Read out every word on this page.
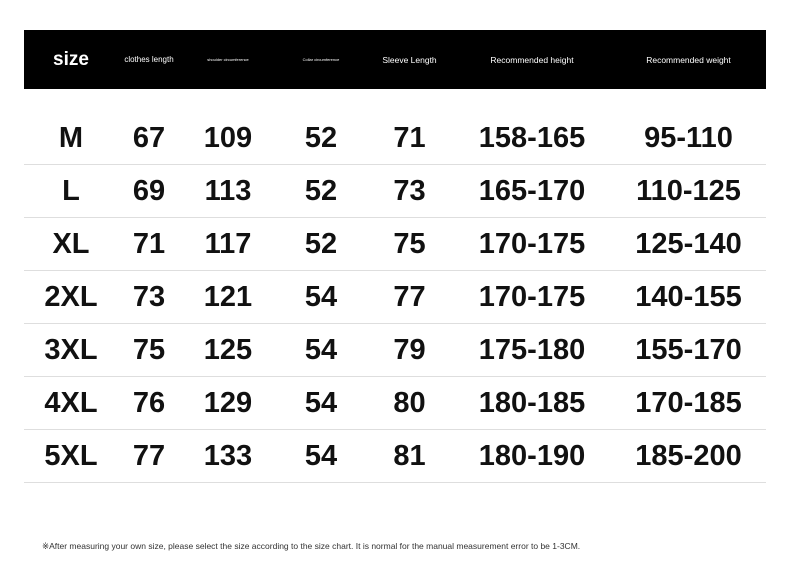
size	clothes length	shoulder circumference	Collar circumference	Sleeve Length	Recommended height	Recommended weight
M	67	109	52	71	158-165	95-110
L	69	113	52	73	165-170	110-125
XL	71	117	52	75	170-175	125-140
2XL	73	121	54	77	170-175	140-155
3XL	75	125	54	79	175-180	155-170
4XL	76	129	54	80	180-185	170-185
5XL	77	133	54	81	180-190	185-200
※After measuring your own size, please select the size according to the size chart. It is normal for the manual measurement error to be 1-3CM.
